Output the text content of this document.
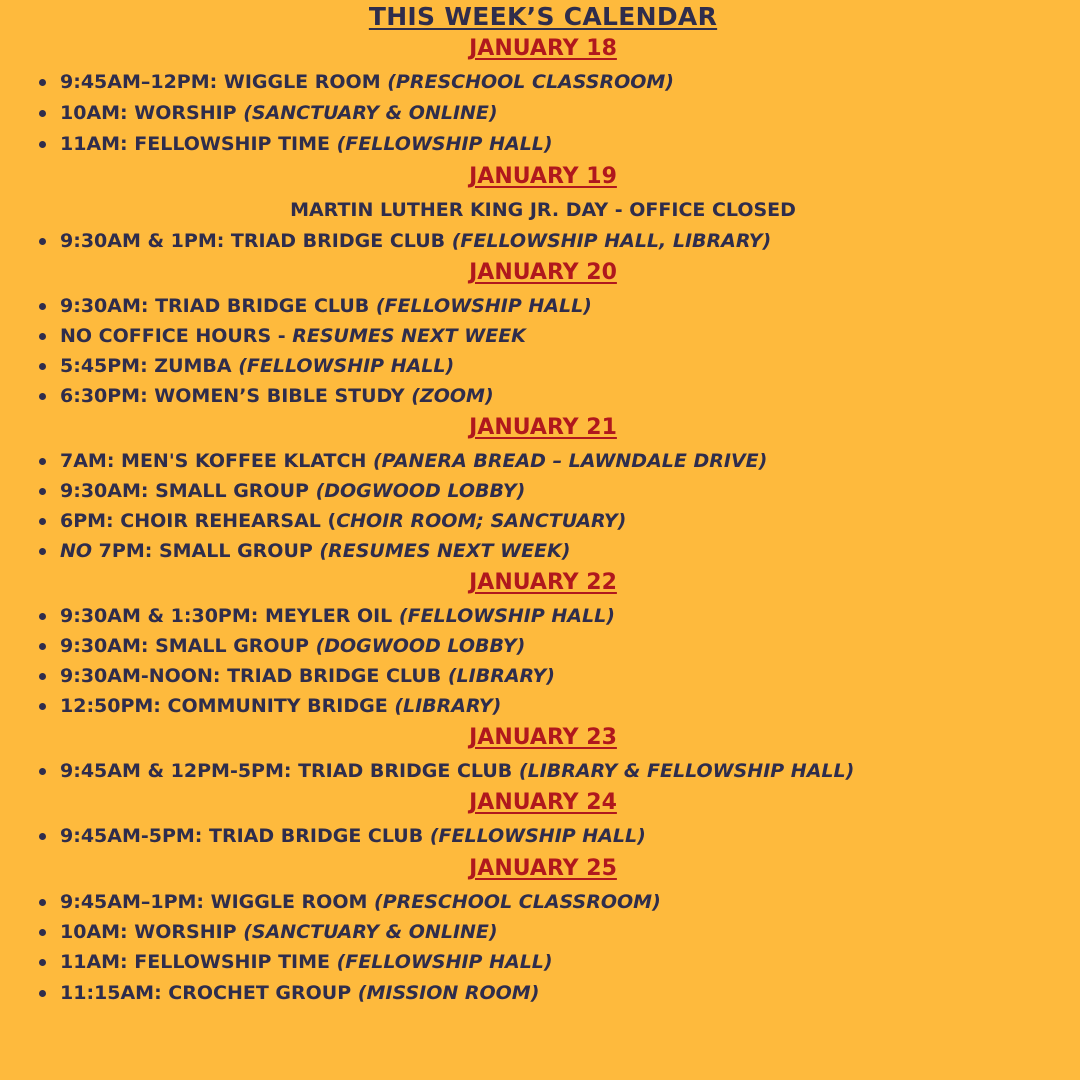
THIS WEEK’S CALENDAR
JANUARY 18
9:45AM–12PM: WIGGLE ROOM (PRESCHOOL CLASSROOM)
10AM: WORSHIP (SANCTUARY & ONLINE)
11AM: FELLOWSHIP TIME (FELLOWSHIP HALL)
JANUARY 19
MARTIN LUTHER KING JR. DAY - OFFICE CLOSED
9:30AM & 1PM: TRIAD BRIDGE CLUB (FELLOWSHIP HALL, LIBRARY)
JANUARY 20
9:30AM: TRIAD BRIDGE CLUB (FELLOWSHIP HALL)
NO COFFICE HOURS - RESUMES NEXT WEEK
5:45PM: ZUMBA (FELLOWSHIP HALL)
6:30PM: WOMEN’S BIBLE STUDY (ZOOM)
JANUARY 21
7AM: MEN'S KOFFEE KLATCH (PANERA BREAD – LAWNDALE DRIVE)
9:30AM: SMALL GROUP (DOGWOOD LOBBY)
6PM: CHOIR REHEARSAL (CHOIR ROOM; SANCTUARY)
NO 7PM: SMALL GROUP (RESUMES NEXT WEEK)
JANUARY 22
9:30AM & 1:30PM: MEYLER OIL (FELLOWSHIP HALL)
9:30AM: SMALL GROUP (DOGWOOD LOBBY)
9:30AM-NOON: TRIAD BRIDGE CLUB (LIBRARY)
12:50PM: COMMUNITY BRIDGE (LIBRARY)
JANUARY 23
9:45AM & 12PM-5PM: TRIAD BRIDGE CLUB (LIBRARY & FELLOWSHIP HALL)
JANUARY 24
9:45AM-5PM: TRIAD BRIDGE CLUB (FELLOWSHIP HALL)
JANUARY 25
9:45AM–1PM: WIGGLE ROOM (PRESCHOOL CLASSROOM)
10AM: WORSHIP (SANCTUARY & ONLINE)
11AM: FELLOWSHIP TIME (FELLOWSHIP HALL)
11:15AM: CROCHET GROUP (MISSION ROOM)
